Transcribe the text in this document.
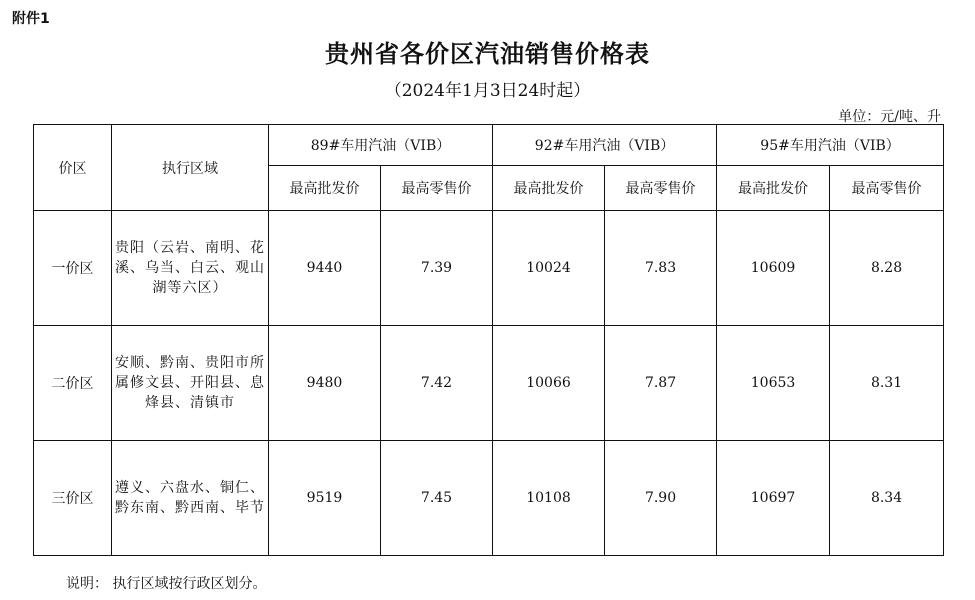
附件1
贵州省各价区汽油销售价格表
（2024年1月3日24时起）
单位：元/吨、升
价区	执行区域	89#车用汽油（VIB）		92#车用汽油（VIB）		95#车用汽油（VIB）	
		最高批发价	最高零售价	最高批发价	最高零售价	最高批发价	最高零售价
一价区	贵阳（云岩、南明、花溪、乌当、白云、观山湖等六区）	9440	7.39	10024	7.83	10609	8.28
二价区	安顺、黔南、贵阳市所属修文县、开阳县、息烽县、清镇市	9480	7.42	10066	7.87	10653	8.31
三价区	遵义、六盘水、铜仁、黔东南、黔西南、毕节	9519	7.45	10108	7.90	10697	8.34
说明： 执行区域按行政区划分。
